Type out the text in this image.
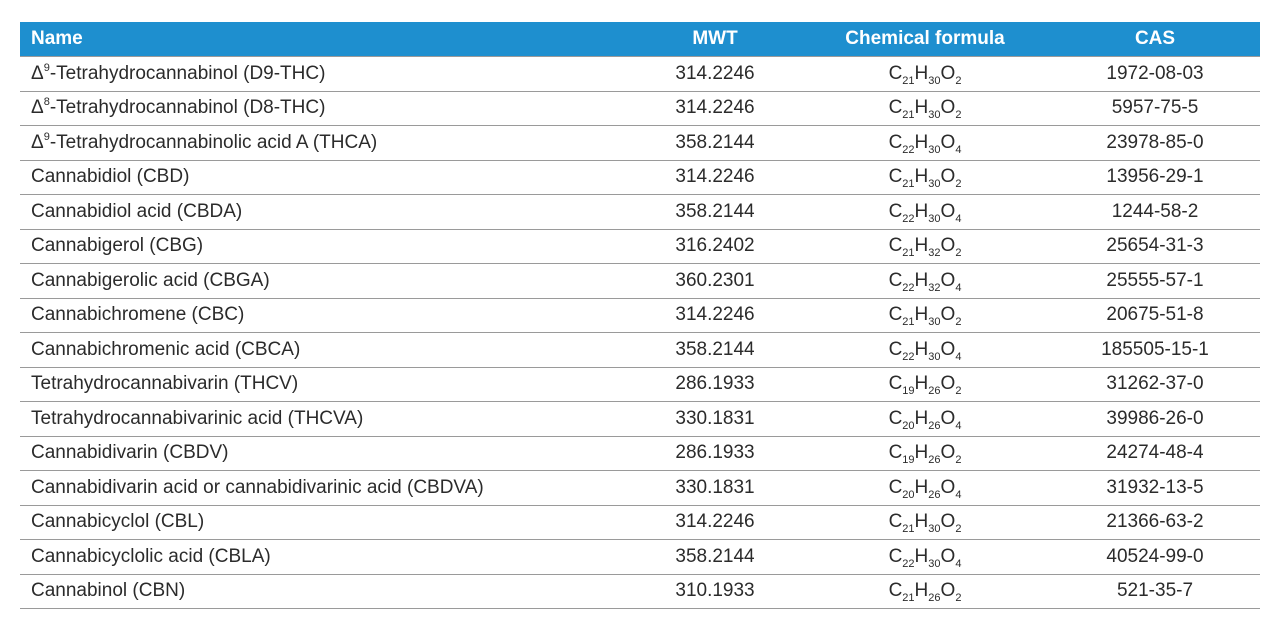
Name	MWT	Chemical formula	CAS
$\Delta^9$-Tetrahydrocannabinol (D9-THC)	314.2246	$C_{21}H_{30}O_2$	1972-08-03
$\Delta^8$-Tetrahydrocannabinol (D8-THC)	314.2246	$C_{21}H_{30}O_2$	5957-75-5
$\Delta^9$-Tetrahydrocannabinolic acid A (THCA)	358.2144	$C_{22}H_{30}O_4$	23978-85-0
Cannabidiol (CBD)	314.2246	$C_{21}H_{30}O_2$	13956-29-1
Cannabidiol acid (CBDA)	358.2144	$C_{22}H_{30}O_4$	1244-58-2
Cannabigerol (CBG)	316.2402	$C_{21}H_{32}O_2$	25654-31-3
Cannabigerolic acid (CBGA)	360.2301	$C_{22}H_{32}O_4$	25555-57-1
Cannabichromene (CBC)	314.2246	$C_{21}H_{30}O_2$	20675-51-8
Cannabichromenic acid (CBCA)	358.2144	$C_{22}H_{30}O_4$	185505-15-1
Tetrahydrocannabivarin (THCV)	286.1933	$C_{19}H_{26}O_2$	31262-37-0
Tetrahydrocannabivarinic acid (THCVA)	330.1831	$C_{20}H_{26}O_4$	39986-26-0
Cannabidivarin (CBDV)	286.1933	$C_{19}H_{26}O_2$	24274-48-4
Cannabidivarin acid or cannabidivarinic acid (CBDVA)	330.1831	$C_{20}H_{26}O_4$	31932-13-5
Cannabicyclol (CBL)	314.2246	$C_{21}H_{30}O_2$	21366-63-2
Cannabicyclolic acid (CBLA)	358.2144	$C_{22}H_{30}O_4$	40524-99-0
Cannabinol (CBN)	310.1933	$C_{21}H_{26}O_2$	521-35-7
